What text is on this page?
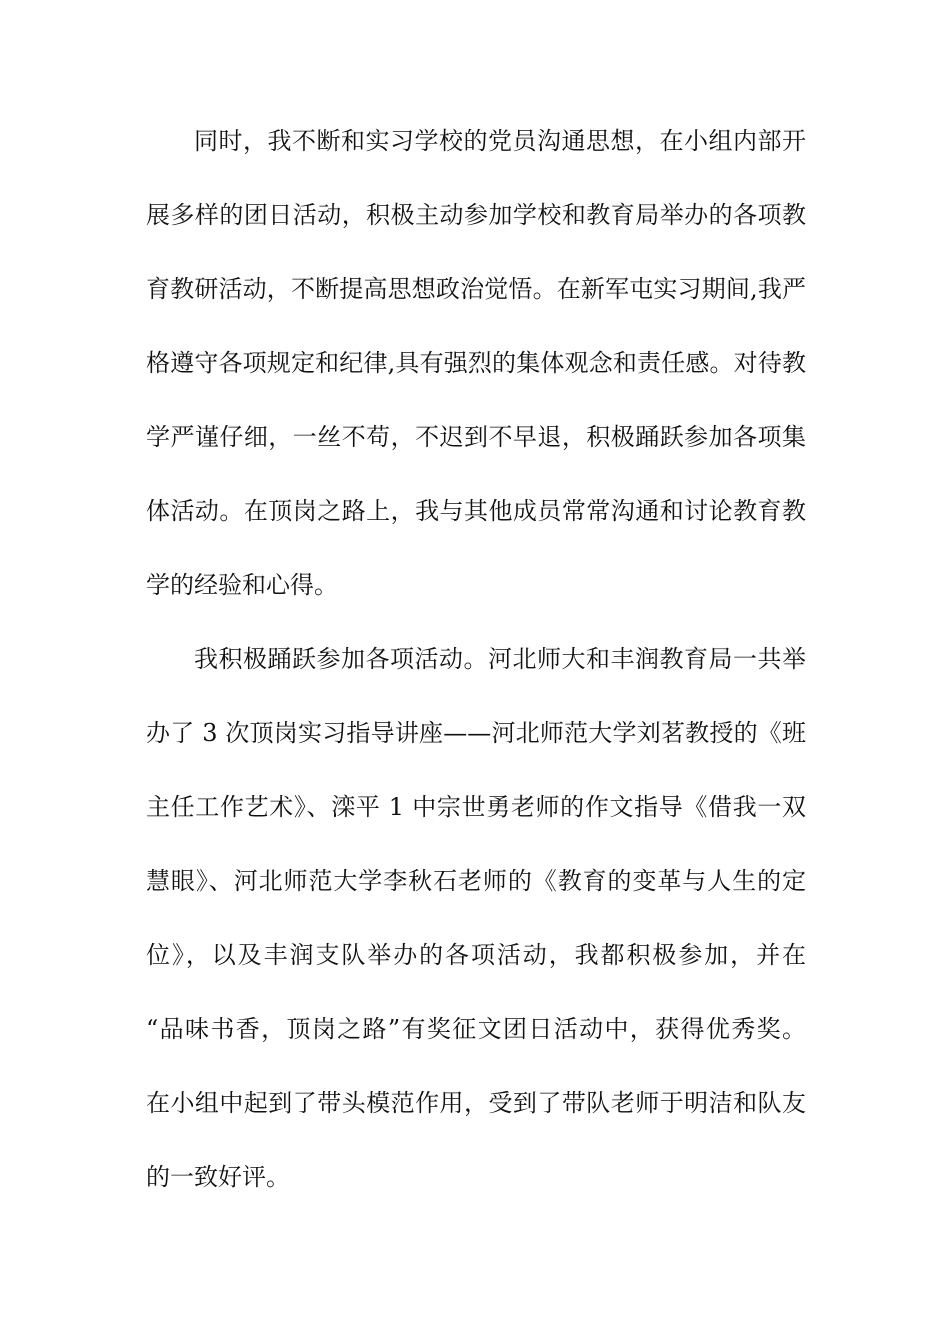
同时，我不断和实习学校的党员沟通思想，在小组内部开
展多样的团日活动，积极主动参加学校和教育局举办的各项教
育教研活动，不断提高思想政治觉悟。在新军屯实习期间,我严
格遵守各项规定和纪律,具有强烈的集体观念和责任感。对待教
学严谨仔细，一丝不苟，不迟到不早退，积极踊跃参加各项集
体活动。在顶岗之路上，我与其他成员常常沟通和讨论教育教
学的经验和心得。

我积极踊跃参加各项活动。河北师大和丰润教育局一共举
办了 3 次顶岗实习指导讲座——河北师范大学刘茗教授的《班
主任工作艺术》、滦平 1 中宗世勇老师的作文指导《借我一双
慧眼》、河北师范大学李秋石老师的《教育的变革与人生的定
位》，以及丰润支队举办的各项活动，我都积极参加，并在
“品味书香，顶岗之路”有奖征文团日活动中，获得优秀奖。
在小组中起到了带头模范作用，受到了带队老师于明洁和队友
的一致好评。
